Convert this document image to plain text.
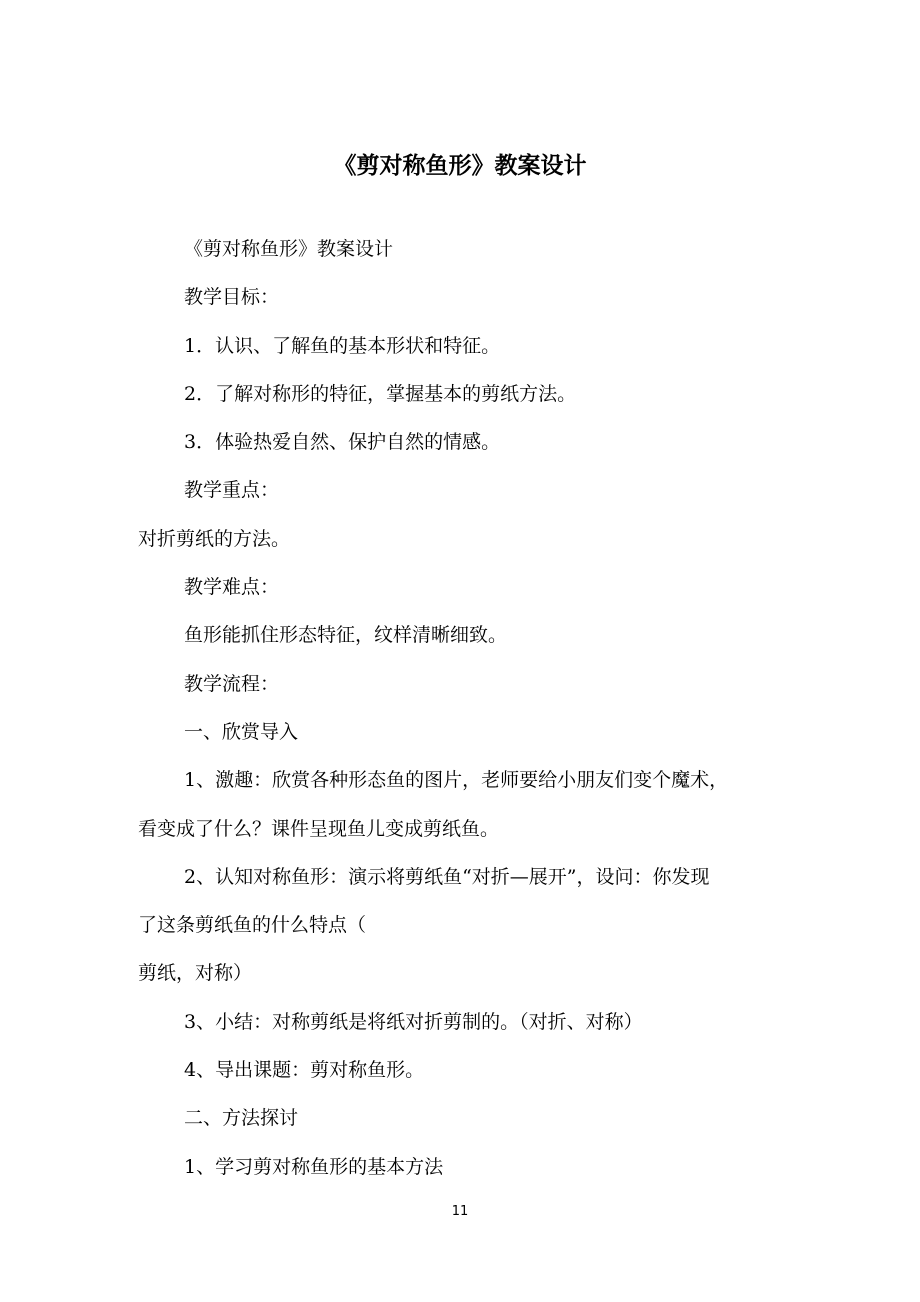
《剪对称鱼形》教案设计

《剪对称鱼形》教案设计

教学目标：

1．认识、了解鱼的基本形状和特征。

2．了解对称形的特征，掌握基本的剪纸方法。

3．体验热爱自然、保护自然的情感。

教学重点：

对折剪纸的方法。

教学难点：

鱼形能抓住形态特征，纹样清晰细致。

教学流程：

一、欣赏导入

1、激趣：欣赏各种形态鱼的图片，老师要给小朋友们变个魔术，

看变成了什么？课件呈现鱼儿变成剪纸鱼。

2、认知对称鱼形：演示将剪纸鱼“对折—展开”，设问：你发现

了这条剪纸鱼的什么特点（

剪纸，对称）

3、小结：对称剪纸是将纸对折剪制的。（对折、对称）

4、导出课题：剪对称鱼形。

二、方法探讨

1、学习剪对称鱼形的基本方法

11
